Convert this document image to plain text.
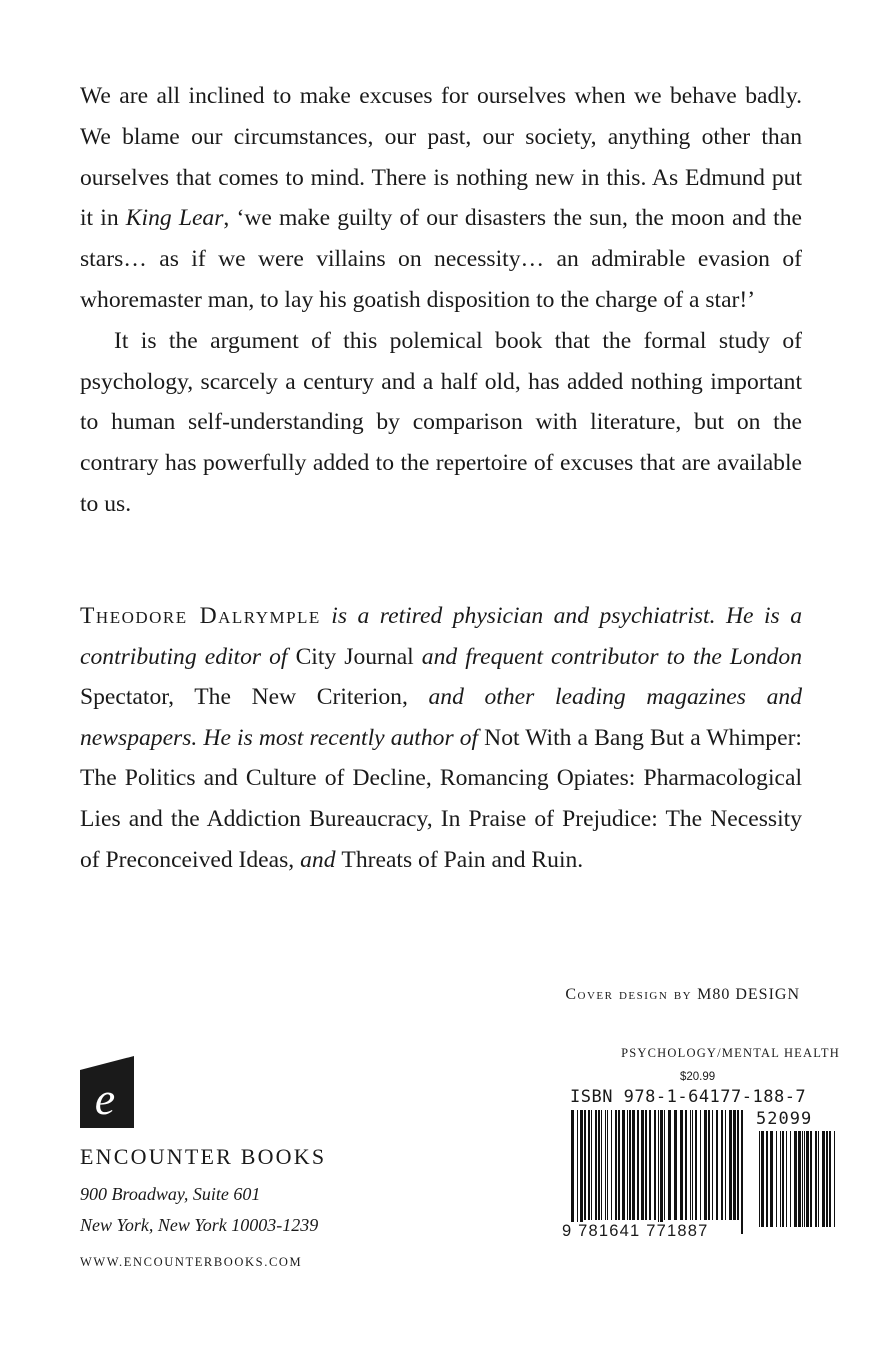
We are all inclined to make excuses for ourselves when we behave badly. We blame our circumstances, our past, our society, anything other than ourselves that comes to mind. There is nothing new in this. As Edmund put it in King Lear, ‘we make guilty of our disasters the sun, the moon and the stars… as if we were villains on necessity… an admirable evasion of whoremaster man, to lay his goatish disposition to the charge of a star!’

It is the argument of this polemical book that the formal study of psychology, scarcely a century and a half old, has added nothing important to human self-understanding by comparison with literature, but on the contrary has powerfully added to the repertoire of excuses that are available to us.

Theodore Dalrymple is a retired physician and psychiatrist. He is a contributing editor of City Journal and frequent contributor to the London Spectator, The New Criterion, and other leading magazines and newspapers. He is most recently author of Not With a Bang But a Whimper: The Politics and Culture of Decline, Romancing Opiates: Pharmacological Lies and the Addiction Bureaucracy, In Praise of Prejudice: The Necessity of Preconceived Ideas, and Threats of Pain and Ruin.
Cover design by M80 DESIGN
e
ENCOUNTER BOOKS
900 Broadway, Suite 601
New York, New York 10003-1239
WWW.ENCOUNTERBOOKS.COM
PSYCHOLOGY/MENTAL HEALTH
$20.99
ISBN 978-1-64177-188-7
52099
9 781641 771887
